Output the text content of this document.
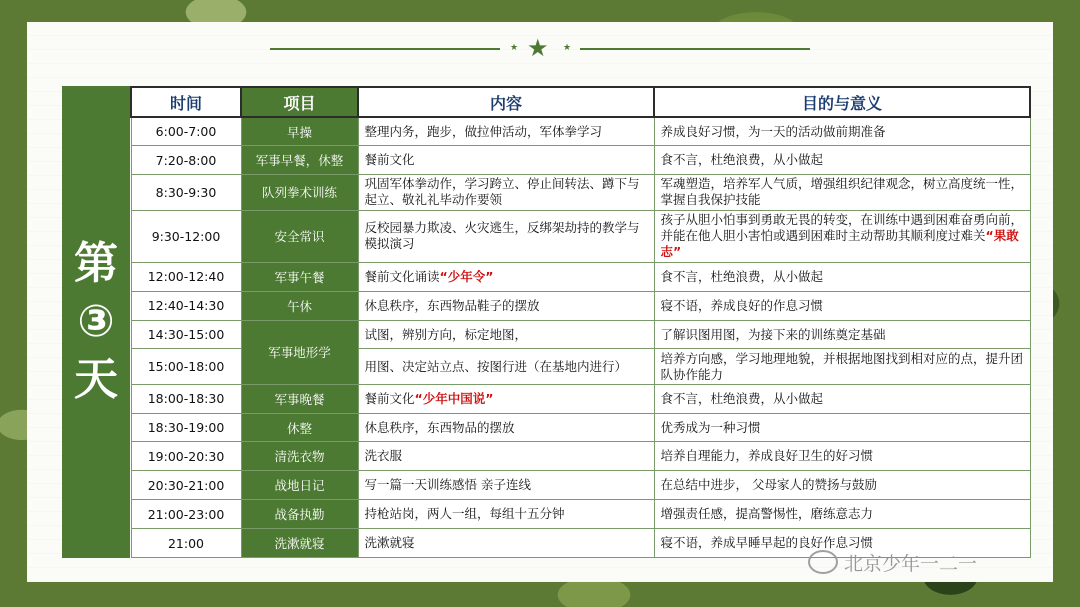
★ ★ ★
第
③
天
时间	项目	内容	目的与意义
6:00-7:00	早操	整理内务，跑步，做拉伸活动，军体拳学习	养成良好习惯，为一天的活动做前期准备
7:20-8:00	军事早餐，休整	餐前文化	食不言，杜绝浪费，从小做起
8:30-9:30	队列拳术训练	巩固军体拳动作，学习跨立、停止间转法、蹲下与起立、敬礼礼毕动作要领	军魂塑造，培养军人气质，增强组织纪律观念，树立高度统一性，掌握自我保护技能
9:30-12:00	安全常识	反校园暴力欺凌、火灾逃生，反绑架劫持的教学与模拟演习	孩子从胆小怕事到勇敢无畏的转变，在训练中遇到困难奋勇向前，并能在他人胆小害怕或遇到困难时主动帮助其顺利度过难关“果敢志”
12:00-12:40	军事午餐	餐前文化诵读“少年令”	食不言，杜绝浪费，从小做起
12:40-14:30	午休	休息秩序，东西物品鞋子的摆放	寝不语，养成良好的作息习惯
14:30-15:00	军事地形学	试图，辨别方向，标定地图，	了解识图用图，为接下来的训练奠定基础
15:00-18:00		用图、决定站立点、按图行进（在基地内进行）	培养方向感，学习地理地貌，并根据地图找到相对应的点，提升团队协作能力
18:00-18:30	军事晚餐	餐前文化“少年中国说”	食不言，杜绝浪费，从小做起
18:30-19:00	休整	休息秩序，东西物品的摆放	优秀成为一种习惯
19:00-20:30	清洗衣物	洗衣服	培养自理能力，养成良好卫生的好习惯
20:30-21:00	战地日记	写一篇一天训练感悟 亲子连线	在总结中进步， 父母家人的赞扬与鼓励
21:00-23:00	战备执勤	持枪站岗，两人一组，每组十五分钟	增强责任感，提高警惕性，磨练意志力
21:00	洗漱就寝	洗漱就寝	寝不语，养成早睡早起的良好作息习惯
北京少年一二一
